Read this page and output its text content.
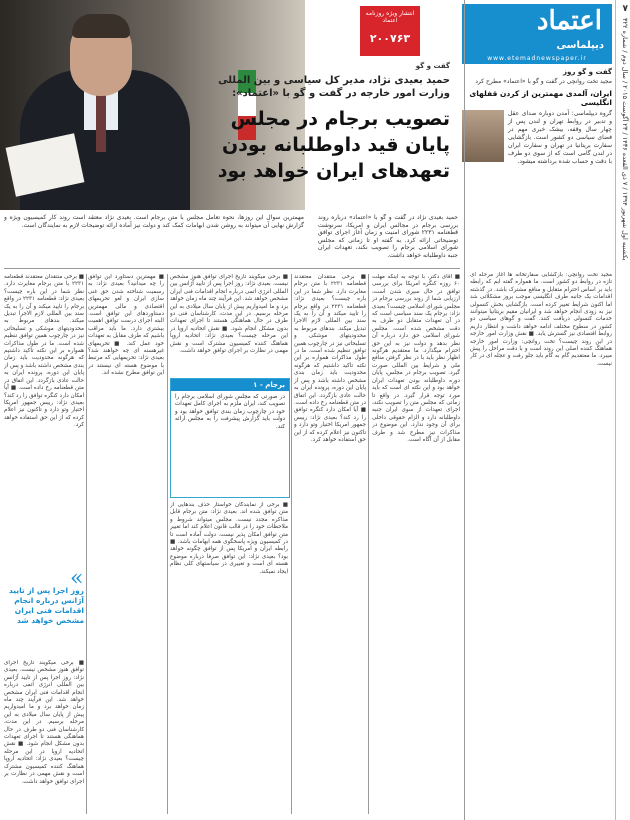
۷
یکشنبه اول شهریور ۱۳۹۴ / ۷ ذی القعده ۱۴۳۶ / ۲۳ آگوست ۲۰۱۵ / سال دوم / شماره ۳۲۲
اعتماد
دیپلماسی
www.etemadnewspaper.ir
گفت و گو روز
مجید تخت روانچی در گفت و گو با «اعتماد» مطرح کرد
ایران، آلمدی مهمترین از کردن قفلهای انگلیسی
گروه دیپلماسی: آمدن دوباره صدای عقل و تدبیر در روابط تهران و لندن پس از چهار سال وقفه، بیشک خبری مهم در فضای سیاسی دو کشور است. بازگشایی سفارت بریتانیا در تهران و سفارت ایران در لندن گامی است که از سوی دو طرف با دقت و حساب شده برداشته میشود.
انتشار ویژه روزنامه اعتماد
۲۰۰۷۶۳
گفت و گو
حمید بعیدی نژاد، مدیر کل سیاسی و بین المللی وزارت امور خارجه در گفت و گو با «اعتماد»:
تصویب برجام در مجلس پایان قید داوطلبانه بودن تعهدهای ایران خواهد بود
حمید بعیدی نژاد در گفت و گو با «اعتماد» درباره روند بررسی برجام در مجالس ایران و امریکا، سرنوشت قطعنامه ۲۲۳۱ شورای امنیت و زمان آغاز اجرای توافق توضیحاتی ارائه کرد. به گفته او تا زمانی که مجلس شورای اسلامی برجام را تصویب نکند، تعهدات ایران جنبه داوطلبانه خواهد داشت.
مهمترین سوال این روزها، نحوه تعامل مجلس با متن برجام است. بعیدی نژاد معتقد است روند کار کمیسیون ویژه و گزارش نهایی آن میتواند به روشن شدن ابهامات کمک کند و دولت نیز آماده ارائه توضیحات لازم به نمایندگان است.
■ آقای دکتر، با توجه به اینکه مهلت ۶۰ روزه کنگره امریکا برای بررسی توافق در حال سپری شدن است، ارزیابی شما از روند بررسی برجام در مجلس شورای اسلامی چیست؟ بعیدی نژاد: برجام یک سند سیاسی است که در آن تعهدات متقابل دو طرف به دقت مشخص شده است. مجلس شورای اسلامی حق دارد درباره آن نظر بدهد و دولت نیز به این حق احترام میگذارد. ما معتقدیم هرگونه اظهار نظر باید با در نظر گرفتن منافع ملی و شرایط بین المللی صورت گیرد. تصویب برجام در مجلس، پایان دوره داوطلبانه بودن تعهدات ایران خواهد بود و این نکته ای است که باید مورد توجه قرار گیرد. در واقع تا زمانی که مجلس متن را تصویب نکند، اجرای تعهدات از سوی ایران جنبه داوطلبانه دارد و الزام حقوقی داخلی برای آن وجود ندارد. این موضوع در مذاکرات نیز مطرح شد و طرف مقابل از آن آگاه است.
■ برخی منتقدان معتقدند قطعنامه ۲۲۳۱ با متن برجام مغایرت دارد. نظر شما در این باره چیست؟ بعیدی نژاد: قطعنامه ۲۲۳۱ در واقع برجام را تایید میکند و آن را به یک سند بین المللی لازم الاجرا تبدیل میکند. بندهای مربوط به محدودیتهای موشکی و تسلیحاتی نیز در چارچوب همین توافق تنظیم شده است. ما در طول مذاکرات همواره بر این نکته تاکید داشتیم که هرگونه محدودیت باید زمان بندی مشخص داشته باشد و پس از پایان این دوره، پرونده ایران به حالت عادی بازگردد. این اتفاق در متن قطعنامه رخ داده است. ■ آیا امکان دارد کنگره توافق را رد کند؟ بعیدی نژاد: رییس جمهور امریکا اختیار وتو دارد و تاکنون نیز اعلام کرده که از این حق استفاده خواهد کرد.
■ برخی میگویند تاریخ اجرای توافق هنوز مشخص نیست. بعیدی نژاد: روز اجرا پس از تایید آژانس بین المللی انرژی اتمی درباره انجام اقدامات فنی ایران مشخص خواهد شد. این فرآیند چند ماه زمان خواهد برد و ما امیدواریم پیش از پایان سال میلادی به این مرحله برسیم. در این مدت، کارشناسان فنی دو طرف در حال هماهنگی هستند تا اجرای تعهدات بدون مشکل انجام شود. ■ نقش اتحادیه اروپا در این مرحله چیست؟ بعیدی نژاد: اتحادیه اروپا هماهنگ کننده کمیسیون مشترک است و نقش مهمی در نظارت بر اجرای توافق خواهد داشت.
برجام - ۱
در صورتی که مجلس شورای اسلامی برجام را تصویب کند، ایران ملزم به اجرای کامل تعهدات خود در چارچوب زمان بندی توافق خواهد بود و دولت باید گزارش پیشرفت را به مجلس ارائه کند.
■ برخی از نمایندگان خواستار حذف بندهایی از متن توافق شده اند. بعیدی نژاد: متن برجام قابل مذاکره مجدد نیست. مجلس میتواند شروط و ملاحظات خود را در قالب قانون اعلام کند اما تغییر متن توافق امکان پذیر نیست. دولت آماده است تا در کمیسیون ویژه پاسخگوی همه ابهامات باشد. ■ رابطه ایران و امریکا پس از توافق چگونه خواهد بود؟ بعیدی نژاد: این توافق صرفا درباره موضوع هسته ای است و تغییری در سیاستهای کلی نظام ایجاد نمیکند.
■ مهمترین دستاورد این توافق را چه میدانید؟ بعیدی نژاد: به رسمیت شناخته شدن حق غنی سازی ایران و لغو تحریمهای اقتصادی و مالی مهمترین دستاوردهای این توافق است. البته اجرای درست توافق اهمیت بیشتری دارد. ما باید مراقب باشیم که طرف مقابل به تعهدات خود عمل کند. ■ تحریمهای غیرهسته ای چه خواهند شد؟ بعیدی نژاد: تحریمهایی که مرتبط با موضوع هسته ای نیستند در این توافق مطرح نشده اند.
«
روز اجرا پس از تایید آژانس درباره انجام اقدامات فنی ایران مشخص خواهد شد
■ برخی منتقدان معتقدند قطعنامه ۲۲۳۱ با متن برجام مغایرت دارد. نظر شما در این باره چیست؟ بعیدی نژاد: قطعنامه ۲۲۳۱ در واقع برجام را تایید میکند و آن را به یک سند بین المللی لازم الاجرا تبدیل میکند. بندهای مربوط به محدودیتهای موشکی و تسلیحاتی نیز در چارچوب همین توافق تنظیم شده است. ما در طول مذاکرات همواره بر این نکته تاکید داشتیم که هرگونه محدودیت باید زمان بندی مشخص داشته باشد و پس از پایان این دوره، پرونده ایران به حالت عادی بازگردد. این اتفاق در متن قطعنامه رخ داده است. ■ آیا امکان دارد کنگره توافق را رد کند؟ بعیدی نژاد: رییس جمهور امریکا اختیار وتو دارد و تاکنون نیز اعلام کرده که از این حق استفاده خواهد کرد.
■ برخی میگویند تاریخ اجرای توافق هنوز مشخص نیست. بعیدی نژاد: روز اجرا پس از تایید آژانس بین المللی انرژی اتمی درباره انجام اقدامات فنی ایران مشخص خواهد شد. این فرآیند چند ماه زمان خواهد برد و ما امیدواریم پیش از پایان سال میلادی به این مرحله برسیم. در این مدت، کارشناسان فنی دو طرف در حال هماهنگی هستند تا اجرای تعهدات بدون مشکل انجام شود. ■ نقش اتحادیه اروپا در این مرحله چیست؟ بعیدی نژاد: اتحادیه اروپا هماهنگ کننده کمیسیون مشترک است و نقش مهمی در نظارت بر اجرای توافق خواهد داشت.
مجید تخت روانچی: بازگشایی سفارتخانه ها آغاز مرحله ای تازه در روابط دو کشور است. ما همواره گفته ایم که رابطه باید بر اساس احترام متقابل و منافع مشترک باشد. در گذشته اقدامات یک جانبه طرف انگلیسی موجب بروز مشکلاتی شد اما اکنون شرایط تغییر کرده است. بازگشایی بخش کنسولی نیز به زودی انجام خواهد شد و ایرانیان مقیم بریتانیا میتوانند خدمات کنسولی دریافت کنند. گفت و گوهای سیاسی دو کشور در سطوح مختلف ادامه خواهد داشت و انتظار داریم روابط اقتصادی نیز گسترش یابد. ■ نقش وزارت امور خارجه در این روند چیست؟ تخت روانچی: وزارت امور خارجه هماهنگ کننده اصلی این روند است و با دقت مراحل را پیش میبرد. ما معتقدیم گام به گام باید جلو رفت و عجله ای در کار نیست.
